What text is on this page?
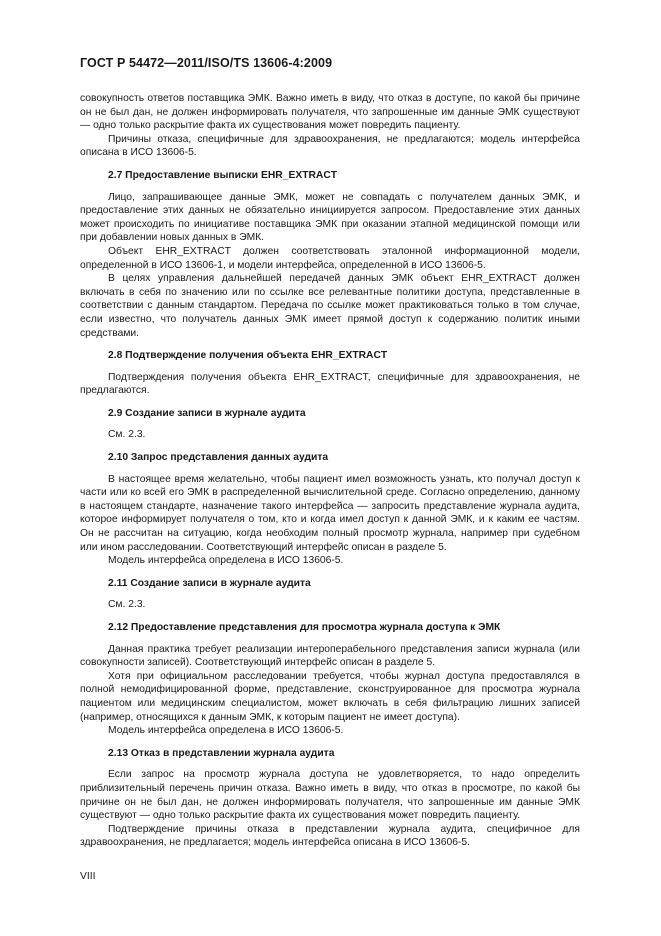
ГОСТ Р 54472—2011/ISO/TS 13606-4:2009

совокупность ответов поставщика ЭМК. Важно иметь в виду, что отказ в доступе, по какой бы причине он не был дан, не должен информировать получателя, что запрошенные им данные ЭМК существуют — одно только раскрытие факта их существования может повредить пациенту.

Причины отказа, специфичные для здравоохранения, не предлагаются; модель интерфейса описана в ИСО 13606-5.

2.7 Предоставление выписки EHR_EXTRACT

Лицо, запрашивающее данные ЭМК, может не совпадать с получателем данных ЭМК, и предоставление этих данных не обязательно инициируется запросом. Предоставление этих данных может происходить по инициативе поставщика ЭМК при оказании этапной медицинской помощи или при добавлении новых данных в ЭМК.

Объект EHR_EXTRACT должен соответствовать эталонной информационной модели, определенной в ИСО 13606-1, и модели интерфейса, определенной в ИСО 13606-5.

В целях управления дальнейшей передачей данных ЭМК объект EHR_EXTRACT должен включать в себя по значению или по ссылке все релевантные политики доступа, представленные в соответствии с данным стандартом. Передача по ссылке может практиковаться только в том случае, если известно, что получатель данных ЭМК имеет прямой доступ к содержанию политик иными средствами.

2.8 Подтверждение получения объекта EHR_EXTRACT

Подтверждения получения объекта EHR_EXTRACT, специфичные для здравоохранения, не предлагаются.

2.9 Создание записи в журнале аудита

См. 2.3.

2.10 Запрос представления данных аудита

В настоящее время желательно, чтобы пациент имел возможность узнать, кто получал доступ к части или ко всей его ЭМК в распределенной вычислительной среде. Согласно определению, данному в настоящем стандарте, назначение такого интерфейса — запросить представление журнала аудита, которое информирует получателя о том, кто и когда имел доступ к данной ЭМК, и к каким ее частям. Он не рассчитан на ситуацию, когда необходим полный просмотр журнала, например при судебном или ином расследовании. Соответствующий интерфейс описан в разделе 5.

Модель интерфейса определена в ИСО 13606-5.

2.11 Создание записи в журнале аудита

См. 2.3.

2.12 Предоставление представления для просмотра журнала доступа к ЭМК

Данная практика требует реализации интероперабельного представления записи журнала (или совокупности записей). Соответствующий интерфейс описан в разделе 5.

Хотя при официальном расследовании требуется, чтобы журнал доступа предоставлялся в полной немодифицированной форме, представление, сконструированное для просмотра журнала пациентом или медицинским специалистом, может включать в себя фильтрацию лишних записей (например, относящихся к данным ЭМК, к которым пациент не имеет доступа).

Модель интерфейса определена в ИСО 13606-5.

2.13 Отказ в представлении журнала аудита

Если запрос на просмотр журнала доступа не удовлетворяется, то надо определить приблизительный перечень причин отказа. Важно иметь в виду, что отказ в просмотре, по какой бы причине он не был дан, не должен информировать получателя, что запрошенные им данные ЭМК существуют — одно только раскрытие факта их существования может повредить пациенту.

Подтверждение причины отказа в представлении журнала аудита, специфичное для здравоохранения, не предлагается; модель интерфейса описана в ИСО 13606-5.

VIII
